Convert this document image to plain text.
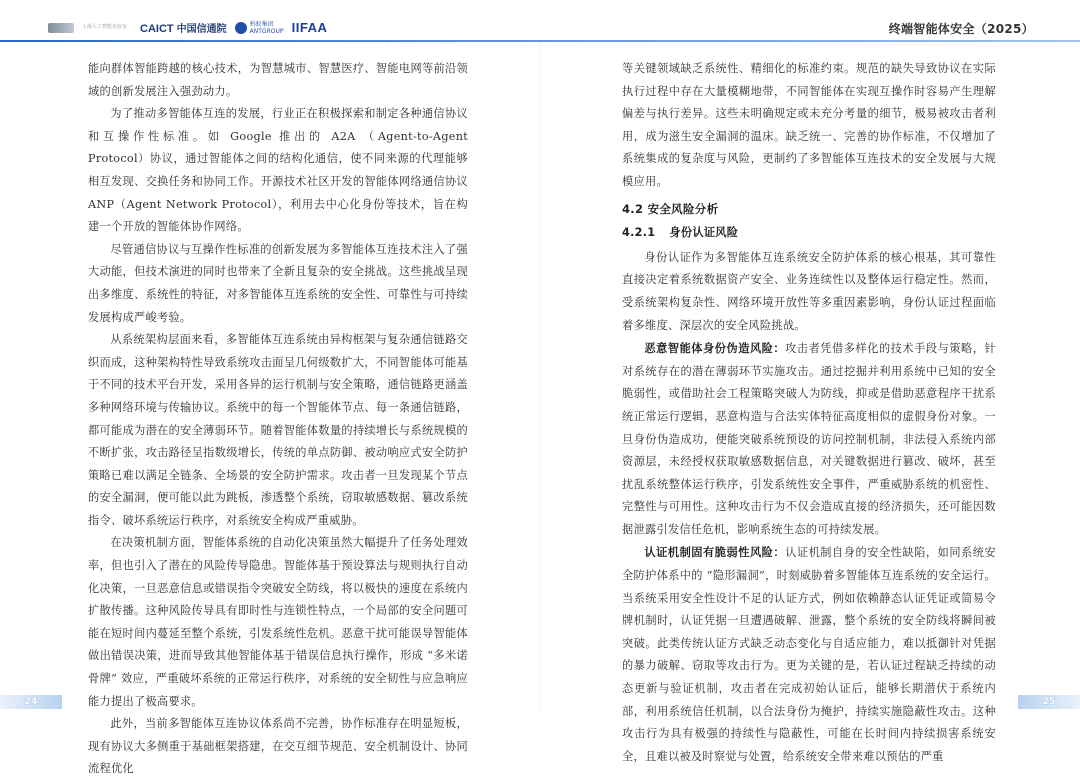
上海人工智能实验室	CAICT 中国信通院	蚂蚁集团 ANTGROUP IIFAA	终端智能体安全（2025）

能向群体智能跨越的核心技术，为智慧城市、智慧医疗、智能电网等前沿领域的创新发展注入强劲动力。

为了推动多智能体互连的发展，行业正在积极探索和制定各种通信协议和互操作性标准。如 Google 推出的 A2A （Agent-to-Agent Protocol）协议，通过智能体之间的结构化通信，使不同来源的代理能够相互发现、交换任务和协同工作。开源技术社区开发的智能体网络通信协议 ANP（Agent Network Protocol），利用去中心化身份等技术，旨在构建一个开放的智能体协作网络。

尽管通信协议与互操作性标准的创新发展为多智能体互连技术注入了强大动能，但技术演进的同时也带来了全新且复杂的安全挑战。这些挑战呈现出多维度、系统性的特征，对多智能体互连系统的安全性、可靠性与可持续发展构成严峻考验。

从系统架构层面来看，多智能体互连系统由异构框架与复杂通信链路交织而成，这种架构特性导致系统攻击面呈几何级数扩大，不同智能体可能基于不同的技术平台开发，采用各异的运行机制与安全策略，通信链路更涵盖多种网络环境与传输协议。系统中的每一个智能体节点、每一条通信链路，都可能成为潜在的安全薄弱环节。随着智能体数量的持续增长与系统规模的不断扩张，攻击路径呈指数级增长，传统的单点防御、被动响应式安全防护策略已难以满足全链条、全场景的安全防护需求。攻击者一旦发现某个节点的安全漏洞，便可能以此为跳板，渗透整个系统，窃取敏感数据、篡改系统指令、破坏系统运行秩序，对系统安全构成严重威胁。

在决策机制方面，智能体系统的自动化决策虽然大幅提升了任务处理效率，但也引入了潜在的风险传导隐患。智能体基于预设算法与规则执行自动化决策，一旦恶意信息或错误指令突破安全防线，将以极快的速度在系统内扩散传播。这种风险传导具有即时性与连锁性特点，一个局部的安全问题可能在短时间内蔓延至整个系统，引发系统性危机。恶意干扰可能误导智能体做出错误决策，进而导致其他智能体基于错误信息执行操作，形成 “多米诺骨牌” 效应，严重破坏系统的正常运行秩序，对系统的安全韧性与应急响应能力提出了极高要求。

此外，当前多智能体互连协议体系尚不完善，协作标准存在明显短板，现有协议大多侧重于基础框架搭建，在交互细节规范、安全机制设计、协同流程优化

等关键领域缺乏系统性、精细化的标准约束。规范的缺失导致协议在实际执行过程中存在大量模糊地带，不同智能体在实现互操作时容易产生理解偏差与执行差异。这些未明确规定或未充分考量的细节，极易被攻击者利用，成为滋生安全漏洞的温床。缺乏统一、完善的协作标准，不仅增加了系统集成的复杂度与风险，更制约了多智能体互连技术的安全发展与大规模应用。

4.2 安全风险分析
4.2.1 身份认证风险

身份认证作为多智能体互连系统安全防护体系的核心根基，其可靠性直接决定着系统数据资产安全、业务连续性以及整体运行稳定性。然而，受系统架构复杂性、网络环境开放性等多重因素影响，身份认证过程面临着多维度、深层次的安全风险挑战。

恶意智能体身份伪造风险：攻击者凭借多样化的技术手段与策略，针对系统存在的潜在薄弱环节实施攻击。通过挖掘并利用系统中已知的安全脆弱性，或借助社会工程策略突破人为防线，抑或是借助恶意程序干扰系统正常运行逻辑，恶意构造与合法实体特征高度相似的虚假身份对象。一旦身份伪造成功，便能突破系统预设的访问控制机制，非法侵入系统内部资源层，未经授权获取敏感数据信息，对关键数据进行篡改、破坏，甚至扰乱系统整体运行秩序，引发系统性安全事件，严重威胁系统的机密性、完整性与可用性。这种攻击行为不仅会造成直接的经济损失，还可能因数据泄露引发信任危机，影响系统生态的可持续发展。

认证机制固有脆弱性风险：认证机制自身的安全性缺陷，如同系统安全防护体系中的 “隐形漏洞”，时刻威胁着多智能体互连系统的安全运行。当系统采用安全性设计不足的认证方式，例如依赖静态认证凭证或简易令牌机制时，认证凭据一旦遭遇破解、泄露，整个系统的安全防线将瞬间被突破。此类传统认证方式缺乏动态变化与自适应能力，难以抵御针对凭据的暴力破解、窃取等攻击行为。更为关键的是，若认证过程缺乏持续的动态更新与验证机制，攻击者在完成初始认证后，能够长期潜伏于系统内部，利用系统信任机制，以合法身份为掩护，持续实施隐蔽性攻击。这种攻击行为具有极强的持续性与隐蔽性，可能在长时间内持续损害系统安全，且难以被及时察觉与处置，给系统安全带来难以预估的严重

24	25
